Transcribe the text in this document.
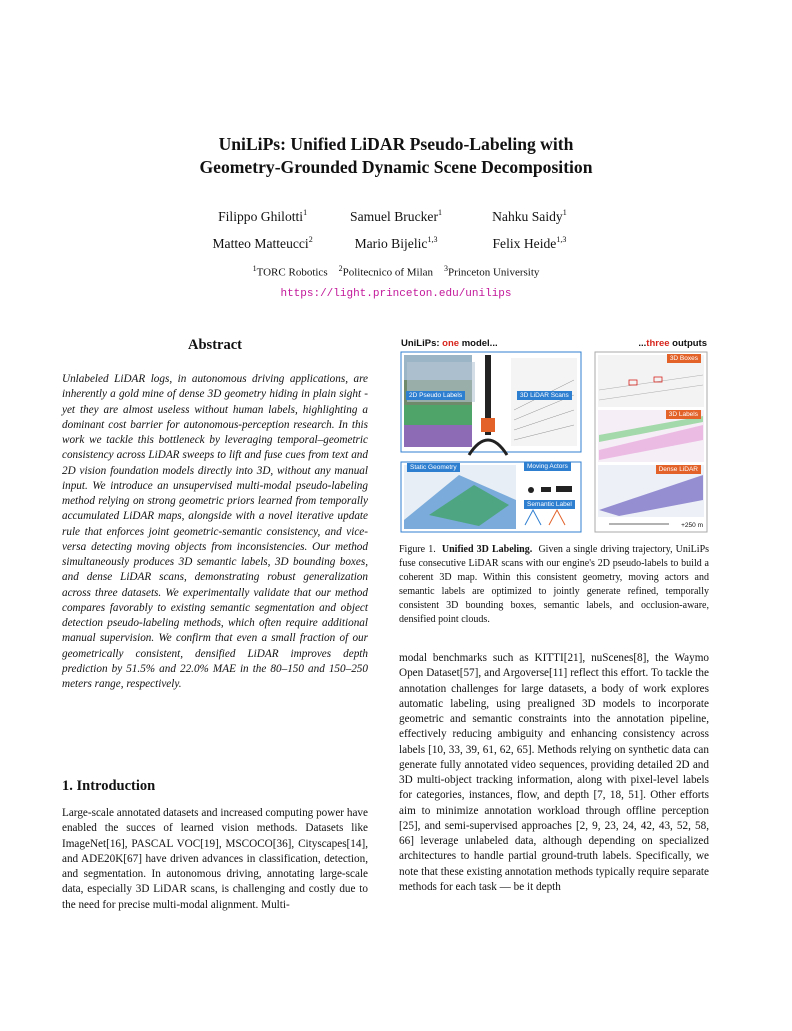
UniLiPs: Unified LiDAR Pseudo-Labeling with
Geometry-Grounded Dynamic Scene Decomposition
Filippo Ghilotti$^1$	Samuel Brucker$^1$	Nahku Saidy$^1$
Matteo Matteucci$^2$	Mario Bijelic$^{1,3}$	Felix Heide$^{1,3}$
$^1$TORC Robotics $^2$Politecnico of Milan $^3$Princeton University
https://light.princeton.edu/unilips
Abstract
Unlabeled LiDAR logs, in autonomous driving applications, are inherently a gold mine of dense 3D geometry hiding in plain sight - yet they are almost useless without human labels, highlighting a dominant cost barrier for autonomous-perception research. In this work we tackle this bottleneck by leveraging temporal–geometric consistency across LiDAR sweeps to lift and fuse cues from text and 2D vision foundation models directly into 3D, without any manual input. We introduce an unsupervised multi-modal pseudo-labeling method relying on strong geometric priors learned from temporally accumulated LiDAR maps, alongside with a novel iterative update rule that enforces joint geometric-semantic consistency, and vice-versa detecting moving objects from inconsistencies. Our method simultaneously produces 3D semantic labels, 3D bounding boxes, and dense LiDAR scans, demonstrating robust generalization across three datasets. We experimentally validate that our method compares favorably to existing semantic segmentation and object detection pseudo-labeling methods, which often require additional manual supervision. We confirm that even a small fraction of our geometrically consistent, densified LiDAR improves depth prediction by 51.5% and 22.0% MAE in the 80–150 and 150–250 meters range, respectively.
1. Introduction
Large-scale annotated datasets and increased computing power have enabled the succes of learned vision methods. Datasets like ImageNet[16], PASCAL VOC[19], MSCOCO[36], Cityscapes[14], and ADE20K[67] have driven advances in classification, detection, and segmentation. In autonomous driving, annotating large-scale data, especially 3D LiDAR scans, is challenging and costly due to the need for precise multi-modal alignment. Multi-
UniLiPs: one model...	...three outputs
2D Pseudo Labels	3D LiDAR Scans
Static Geometry	Moving Actors
Semantic Label
3D Boxes
3D Labels
Dense LiDAR
+250 m
Figure 1. Unified 3D Labeling. Given a single driving trajectory, UniLiPs fuse consecutive LiDAR scans with our engine's 2D pseudo-labels to build a coherent 3D map. Within this consistent geometry, moving actors and semantic labels are optimized to jointly generate refined, temporally consistent 3D bounding boxes, semantic labels, and occlusion-aware, densified point clouds.
modal benchmarks such as KITTI[21], nuScenes[8], the Waymo Open Dataset[57], and Argoverse[11] reflect this effort. To tackle the annotation challenges for large datasets, a body of work explores automatic labeling, using prealigned 3D models to incorporate geometric and semantic constraints into the annotation pipeline, effectively reducing ambiguity and enhancing consistency across labels [10, 33, 39, 61, 62, 65]. Methods relying on synthetic data can generate fully annotated video sequences, providing detailed 2D and 3D multi-object tracking information, along with pixel-level labels for categories, instances, flow, and depth [7, 18, 51]. Other efforts aim to minimize annotation workload through offline perception [25], and semi-supervised approaches [2, 9, 23, 24, 42, 43, 52, 58, 66] leverage unlabeled data, although depending on specialized architectures to handle partial ground-truth labels. Specifically, we note that these existing annotation methods typically require separate methods for each task — be it depth
